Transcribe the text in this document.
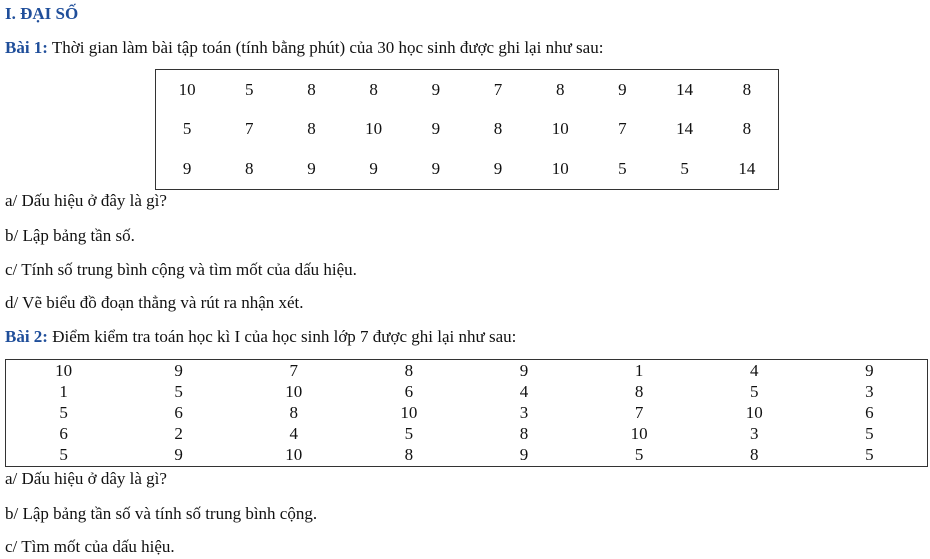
I. ĐẠI SỐ
Bài 1: Thời gian làm bài tập toán (tính bằng phút) của 30 học sinh được ghi lại như sau:
10	5	8	8	9	7	8	9	14	8
5	7	8	10	9	8	10	7	14	8
9	8	9	9	9	9	10	5	5	14
a/ Dấu hiệu ở đây là gì?
b/ Lập bảng tần số.
c/ Tính số trung bình cộng và tìm mốt của dấu hiệu.
d/ Vẽ biểu đồ đoạn thẳng và rút ra nhận xét.
Bài 2: Điểm kiểm tra toán học kì I của học sinh lớp 7 được ghi lại như sau:
10	9	7	8	9	1	4	9
1	5	10	6	4	8	5	3
5	6	8	10	3	7	10	6
6	2	4	5	8	10	3	5
5	9	10	8	9	5	8	5
a/ Dấu hiệu ở dây là gì?
b/ Lập bảng tần số và tính số trung bình cộng.
c/ Tìm mốt của dấu hiệu.
